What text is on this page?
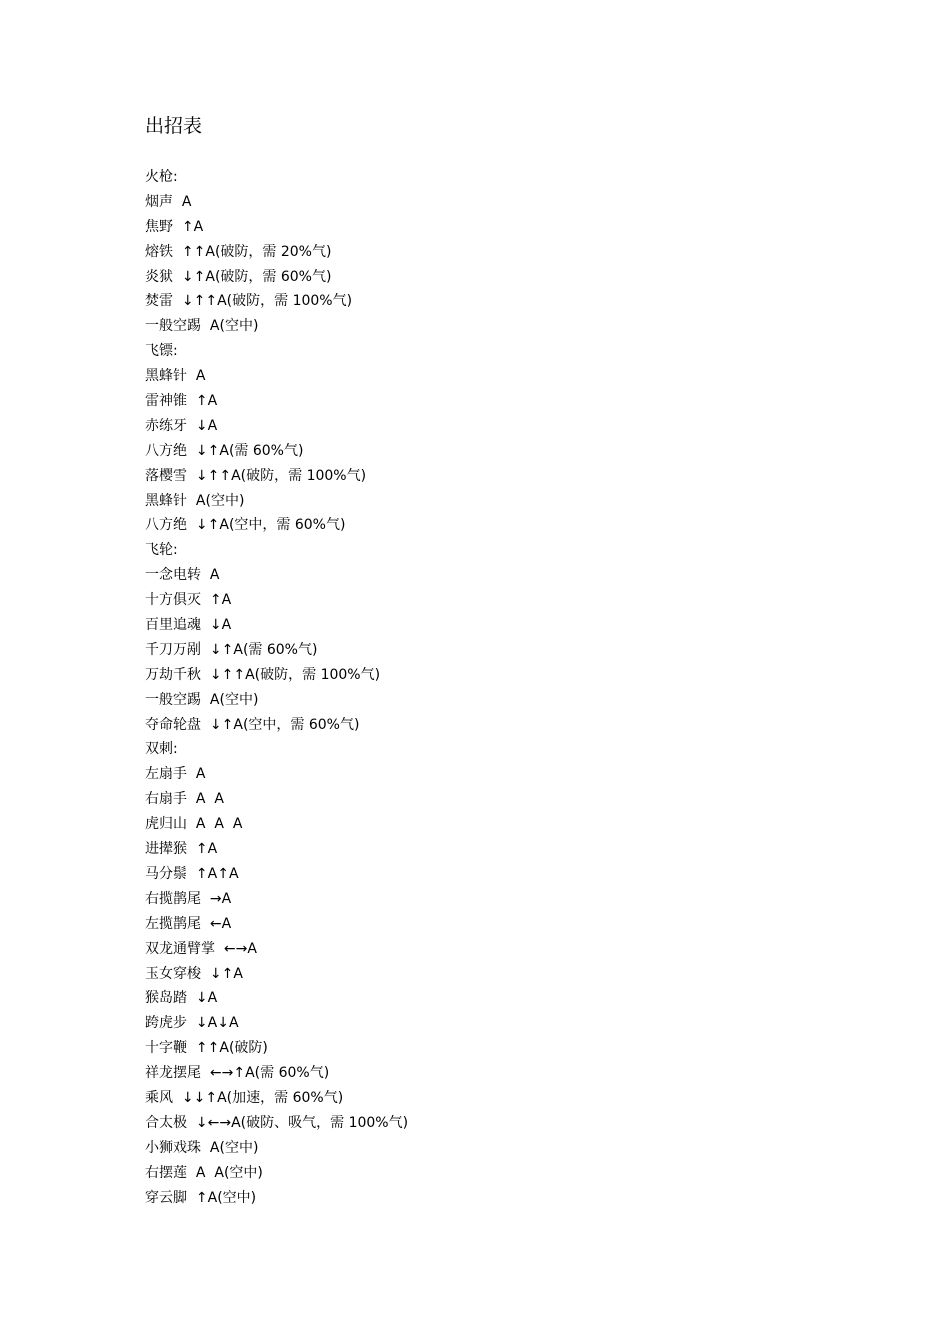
出招表
火枪:
烟声  A
焦野  ↑A
熔铁  ↑↑A(破防，需 20%气)
炎狱  ↓↑A(破防，需 60%气)
焚雷  ↓↑↑A(破防，需 100%气)
一般空踢  A(空中)
飞镖:
黑蜂针  A
雷神锥  ↑A
赤练牙  ↓A
八方绝  ↓↑A(需 60%气)
落樱雪  ↓↑↑A(破防，需 100%气)
黑蜂针  A(空中)
八方绝  ↓↑A(空中，需 60%气)
飞轮:
一念电转  A
十方俱灭  ↑A
百里追魂  ↓A
千刀万剐  ↓↑A(需 60%气)
万劫千秋  ↓↑↑A(破防，需 100%气)
一般空踢  A(空中)
夺命轮盘  ↓↑A(空中，需 60%气)
双刺:
左扇手  A
右扇手  A  A
虎归山  A  A  A
进撵猴  ↑A
马分鬃  ↑A↑A
右揽鹊尾  →A
左揽鹊尾  ←A
双龙通臂掌  ←→A
玉女穿梭  ↓↑A
猴岛踏  ↓A
跨虎步  ↓A↓A
十字鞭  ↑↑A(破防)
祥龙摆尾  ←→↑A(需 60%气)
乘风  ↓↓↑A(加速，需 60%气)
合太极  ↓←→A(破防、吸气，需 100%气)
小狮戏珠  A(空中)
右摆莲  A  A(空中)
穿云脚  ↑A(空中)
